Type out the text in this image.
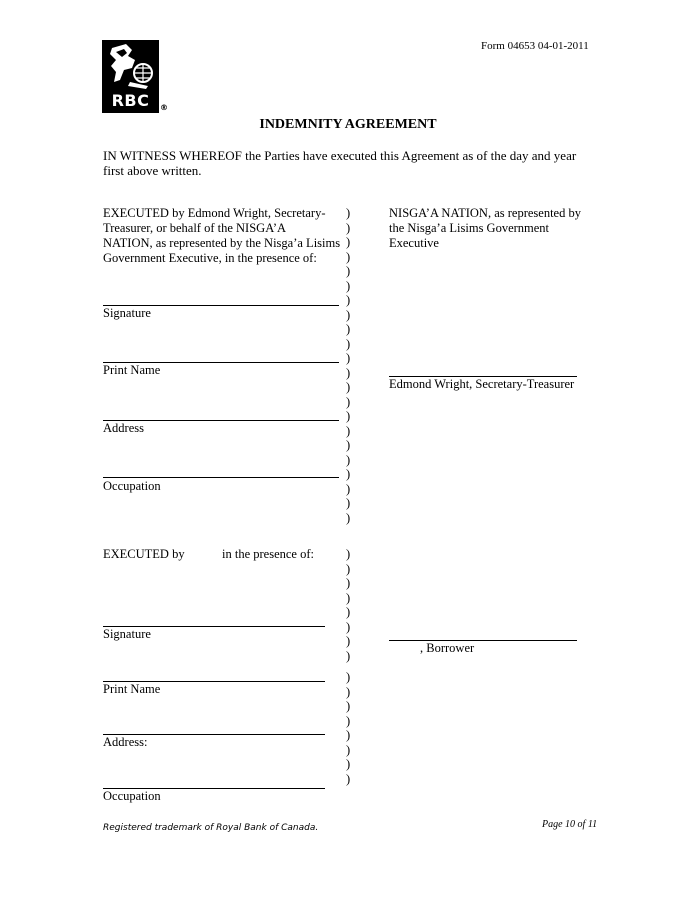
Form 04653 04-01-2011
RBC	®
INDEMNITY AGREEMENT
IN WITNESS WHEREOF the Parties have executed this Agreement as of the day and year first above written.
EXECUTED by Edmond Wright, Secretary-
Treasurer, or behalf of the NISGA’A
NATION, as represented by the Nisga’a Lisims
Government Executive, in the presence of:
NISGA’A NATION, as represented by
the Nisga’a Lisims Government
Executive
Signature
Print Name
Address
Occupation
Edmond Wright, Secretary-Treasurer
)
)
)
)
)
)
)
)
)
)
)
)
)
)
)
)
)
)
)
)
)
)
EXECUTED by	in the presence of:
Signature
Print Name
Address:
Occupation
, Borrower
)
)
)
)
)
)
)
)
)
)
)
)
)
)
)
)
Registered trademark of Royal Bank of Canada.	Page 10 of 11
